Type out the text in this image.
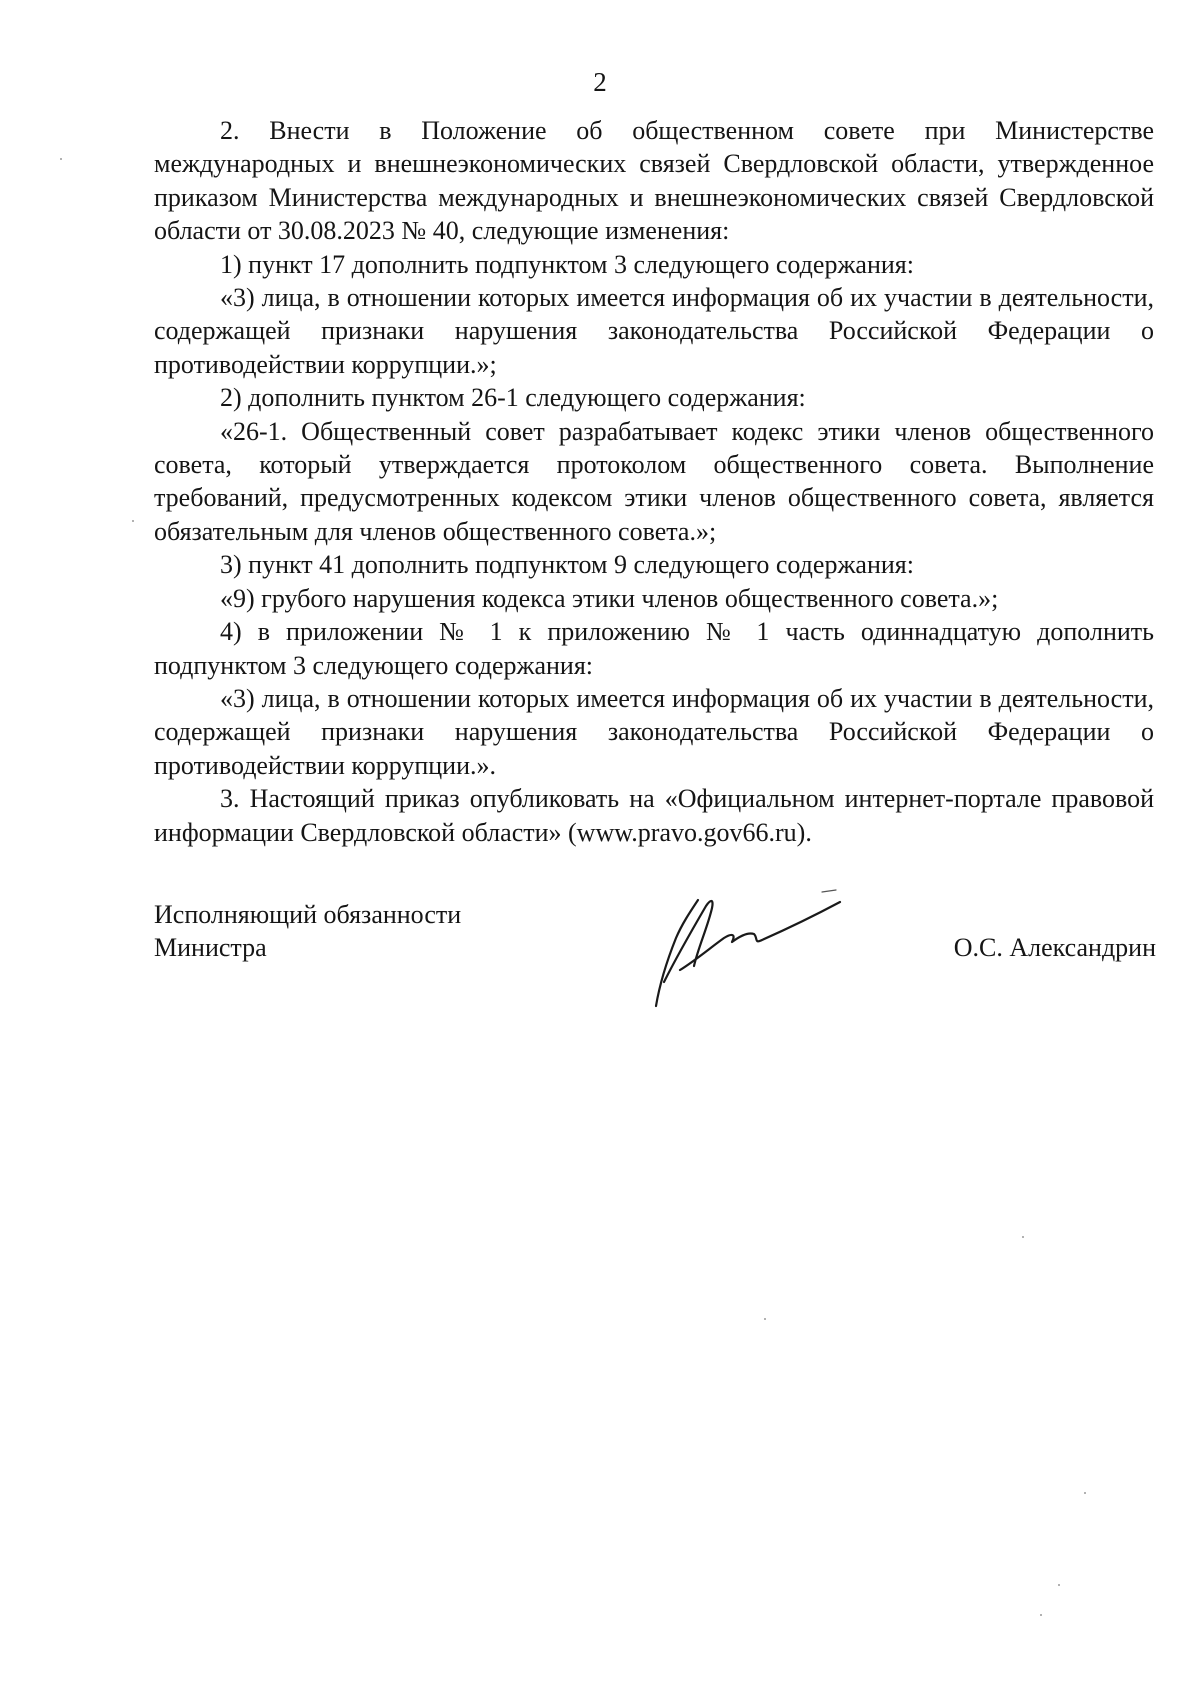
2

2. Внести в Положение об общественном совете при Министерстве международных и внешнеэкономических связей Свердловской области, утвержденное приказом Министерства международных и внешнеэкономических связей Свердловской области от 30.08.2023 № 40, следующие изменения:

1) пункт 17 дополнить подпунктом 3 следующего содержания:

«3) лица, в отношении которых имеется информация об их участии в деятельности, содержащей признаки нарушения законодательства Российской Федерации о противодействии коррупции.»;

2) дополнить пунктом 26-1 следующего содержания:

«26-1. Общественный совет разрабатывает кодекс этики членов общественного совета, который утверждается протоколом общественного совета. Выполнение требований, предусмотренных кодексом этики членов общественного совета, является обязательным для членов общественного совета.»;

3) пункт 41 дополнить подпунктом 9 следующего содержания:

«9) грубого нарушения кодекса этики членов общественного совета.»;

4) в приложении № 1 к приложению № 1 часть одиннадцатую дополнить подпунктом 3 следующего содержания:

«3) лица, в отношении которых имеется информация об их участии в деятельности, содержащей признаки нарушения законодательства Российской Федерации о противодействии коррупции.».

3. Настоящий приказ опубликовать на «Официальном интернет-портале правовой информации Свердловской области» (www.pravo.gov66.ru).

Исполняющий обязанности
Министра	О.С. Александрин
